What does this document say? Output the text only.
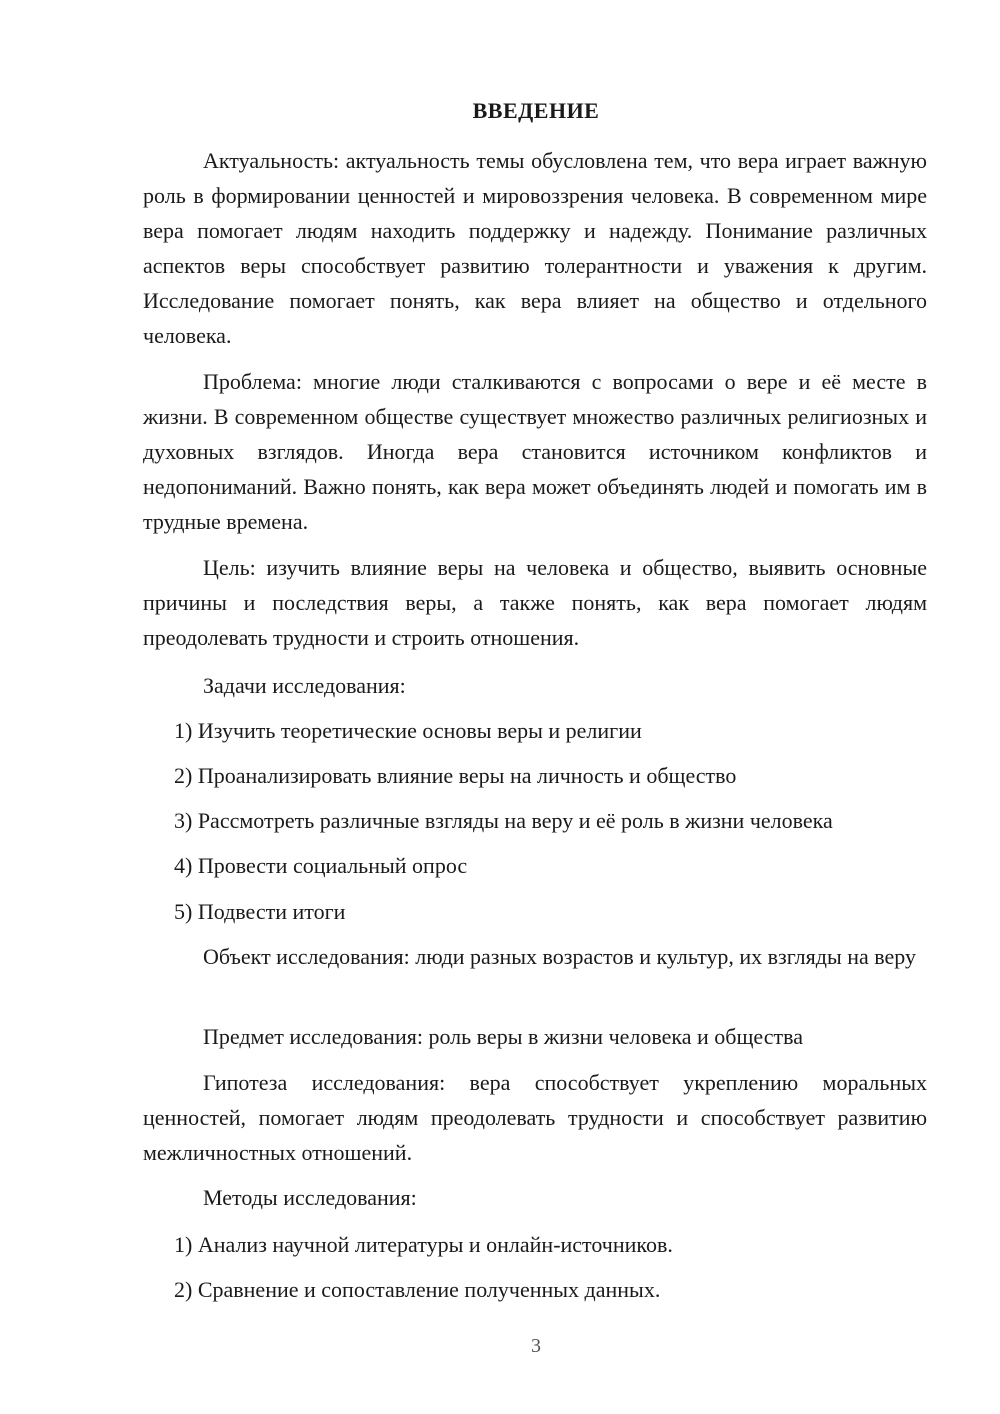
ВВЕДЕНИЕ

Актуальность: актуальность темы обусловлена тем, что вера играет важную роль в формировании ценностей и мировоззрения человека. В современном мире вера помогает людям находить поддержку и надежду. Понимание различных аспектов веры способствует развитию толерантности и уважения к другим. Исследование помогает понять, как вера влияет на общество и отдельного человека.

Проблема: многие люди сталкиваются с вопросами о вере и её месте в жизни. В современном обществе существует множество различных религиозных и духовных взглядов. Иногда вера становится источником конфликтов и недопониманий. Важно понять, как вера может объединять людей и помогать им в трудные времена.

Цель: изучить влияние веры на человека и общество, выявить основные причины и последствия веры, а также понять, как вера помогает людям преодолевать трудности и строить отношения.

Задачи исследования:

1) Изучить теоретические основы веры и религии

2) Проанализировать влияние веры на личность и общество

3) Рассмотреть различные взгляды на веру и её роль в жизни человека

4) Провести социальный опрос

5) Подвести итоги

Объект исследования: люди разных возрастов и культур, их взгляды на веру

Предмет исследования: роль веры в жизни человека и общества

Гипотеза исследования: вера способствует укреплению моральных ценностей, помогает людям преодолевать трудности и способствует развитию межличностных отношений.

Методы исследования:

1) Анализ научной литературы и онлайн-источников.

2) Сравнение и сопоставление полученных данных.

3
